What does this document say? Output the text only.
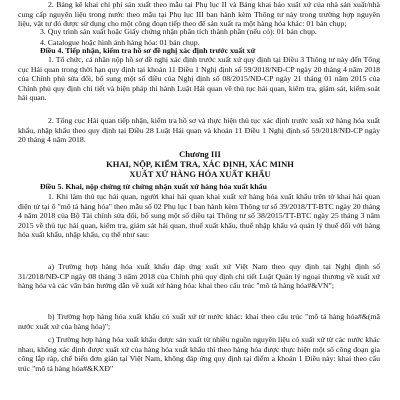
2. Bảng kê khai chi phí sản xuất theo mẫu tại Phụ lục II và Bảng khai báo xuất xứ của nhà sản xuất/nhà cung cấp nguyên liệu trong nước theo mẫu tại Phụ lục III ban hành kèm Thông tư này trong trường hợp nguyên liệu, vật tư đó được sử dụng cho một công đoạn tiếp theo để sản xuất ra một hàng hóa khác: 01 bản chụp;

3. Quy trình sản xuất hoặc Giấy chứng nhận phân tích thành phần (nếu có): 01 bản chụp.

4. Catalogue hoặc hình ảnh hàng hóa: 01 bản chụp.

Điều 4. Tiếp nhận, kiểm tra hồ sơ đề nghị xác định trước xuất xứ

1. Tổ chức, cá nhân nộp hồ sơ đề nghị xác định trước xuất xứ quy định tại Điều 3 Thông tư này đến Tổng cục Hải quan trong thời hạn quy định tại khoản 11 Điều 1 Nghị định số 59/2018/NĐ-CP ngày 20 tháng 4 năm 2018 của Chính phủ sửa đổi, bổ sung một số điều của Nghị định số 08/2015/NĐ-CP ngày 21 tháng 01 năm 2015 của Chính phủ quy định chi tiết và biện pháp thi hành Luật Hải quan về thủ tục hải quan, kiểm tra, giám sát, kiểm soát hải quan.

2. Tổng cục Hải quan tiếp nhận, kiểm tra hồ sơ và thực hiện thủ tục xác định trước xuất xứ hàng hóa xuất khẩu, nhập khẩu theo quy định tại Điều 28 Luật Hải quan và khoản 11 Điều 1 Nghị định số 59/2018/NĐ-CP ngày 20 tháng 4 năm 2018.

Chương III

KHAI, NỘP, KIỂM TRA, XÁC ĐỊNH, XÁC MINH

XUẤT XỨ HÀNG HÓA XUẤT KHẨU

Điều 5. Khai, nộp chứng từ chứng nhận xuất xứ hàng hóa xuất khẩu

1. Khi làm thủ tục hải quan, người khai hải quan khai xuất xứ hàng hóa xuất khẩu trên tờ khai hải quan điện tử tại ô "mô tả hàng hóa" theo mẫu số 02 Phụ lục I ban hành kèm Thông tư số 39/2018/TT-BTC ngày 20 tháng 4 năm 2018 của Bộ Tài chính sửa đổi, bổ sung một số điều tại Thông tư số 38/2015/TT-BTC ngày 25 tháng 3 năm 2015 về thủ tục hải quan, kiểm tra, giám sát hải quan, thuế xuất khẩu, thuế nhập khẩu và quản lý thuế đối với hàng hóa xuất khẩu, nhập khẩu, cụ thể như sau:

a) Trường hợp hàng hóa xuất khẩu đáp ứng xuất xứ Việt Nam theo quy định tại Nghị định số 31/2018/NĐ-CP ngày 08 tháng 3 năm 2018 của Chính phủ quy định chi tiết Luật Quản lý ngoại thương về xuất xứ hàng hóa và các văn bản hướng dẫn về xuất xứ hàng hóa: khai theo cấu trúc "mô tả hàng hóa#&VN";

b) Trường hợp hàng hóa xuất khẩu có xuất xứ từ nước khác: khai theo cấu trúc "mô tả hàng hóa#&(mã nước xuất xứ của hàng hóa)";

c) Trường hợp hàng hóa xuất khẩu được sản xuất từ nhiều nguồn nguyên liệu có xuất xứ từ các nước khác nhau, không xác định được xuất xứ của hàng hóa xuất khẩu thì theo hàng hóa được thực hiện một số công đoạn gia công lắp ráp, chế biến đơn giản tại Việt Nam, không đáp ứng quy định tại điểm a khoản 1 Điều này: khai theo cấu trúc "mô tả hàng hóa#&KXĐ"
